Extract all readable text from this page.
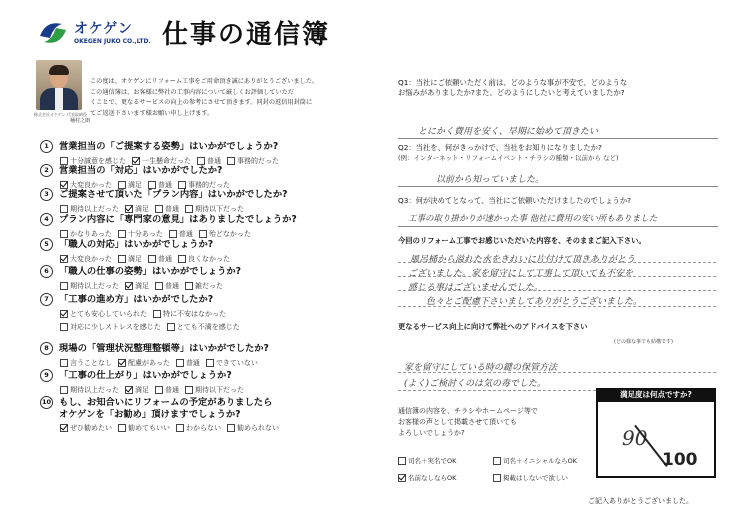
オケゲン
OKEGEN JUKO CO.,LTD. 仕事の通信簿
株式会社オケゲン 代表取締役
桶村之朗
この度は、オケゲンにリフォーム工事をご用命頂き誠にありがとうございました。
この通信簿は、お客様に弊社の工事内容について厳しくお評価していただ
くことで、更なるサービスの向上の参考にさせて頂きます。同封の返信用封筒に
てご返送下さいます様お願い申し上げます。
1 営業担当の「ご提案する姿勢」はいかがでしょうか?
十分誠意を感じた 一生懸命だった 普通 事務的だった
2 営業担当の「対応」はいかがでしたか?
大変良かった 満足 普通 事務的だった
3 ご提案させて頂いた「プラン内容」はいかがでしたか?
期待以上だった 満足 普通 期待以下だった
4 プラン内容に「専門家の意見」はありましたでしょうか?
かなりあった 十分あった 普通 殆どなかった
5 「職人の対応」はいかがでしょうか?
大変良かった 満足 普通 良くなかった
6 「職人の仕事の姿勢」はいかがでしょうか?
期待以上だった 満足 普通 雑だった
7 「工事の進め方」はいかがでしたか?
とても安心していられた 特に不安はなかった
対応に少しストレスを感じた とても不満を感じた
8 現場の「管理状況整理整頓等」はいかがでしたか?
言うことなし 配慮があった 普通 できていない
9 「工事の仕上がり」はいかがでしょうか?
期待以上だった 満足 普通 期待以下だった
10 もし、お知合いにリフォームの予定がありましたら
オケゲンを「お勧め」頂けますでしょうか?
ぜひ勧めたい 勧めてもいい わからない 勧められない
Q1：当社にご依頼いただく前は、どのような事が不安で、どのような
お悩みがありましたか?また、どのようにしたいと考えていましたか?
とにかく費用を安く、早期に始めて頂きたい
Q2：当社を、何がきっかけで、当社をお知りになりましたか?
(例：インターネット・リフォームイベント・チラシの種類・以前から など)
以前から知っていました。
Q3：何が決めてとなって、当社にご依頼いただけましたのでしょうか?
工事の取り掛かりが速かった事 他社に費用の安い所もありました
今回のリフォーム工事でお感じいただいた内容を、そのままご記入下さい。
風呂桶から溢れた水をきれいに片付けて頂きありがとう
ございました。家を留守にして工事して頂いても不安を
感じる事はございませんでした。
色々とご配慮下さいましてありがとうございました。
更なるサービス向上に向けて弊社へのアドバイスを下さい
(どの様な事でも結構です)
家を留守にしている時の鍵の保管方法
(よく)ご検討くのは気の毒でした。
通信簿の内容を、チラシやホームページ等で
お客様の声として掲載させて頂いても
よろしいでしょうか?
司名＋実名でOK	司名＋イニシャルならOK
名前なしならOK	掲載はしないで欲しい
満足度は何点ですか?
90
100
ご記入ありがとうございました。
